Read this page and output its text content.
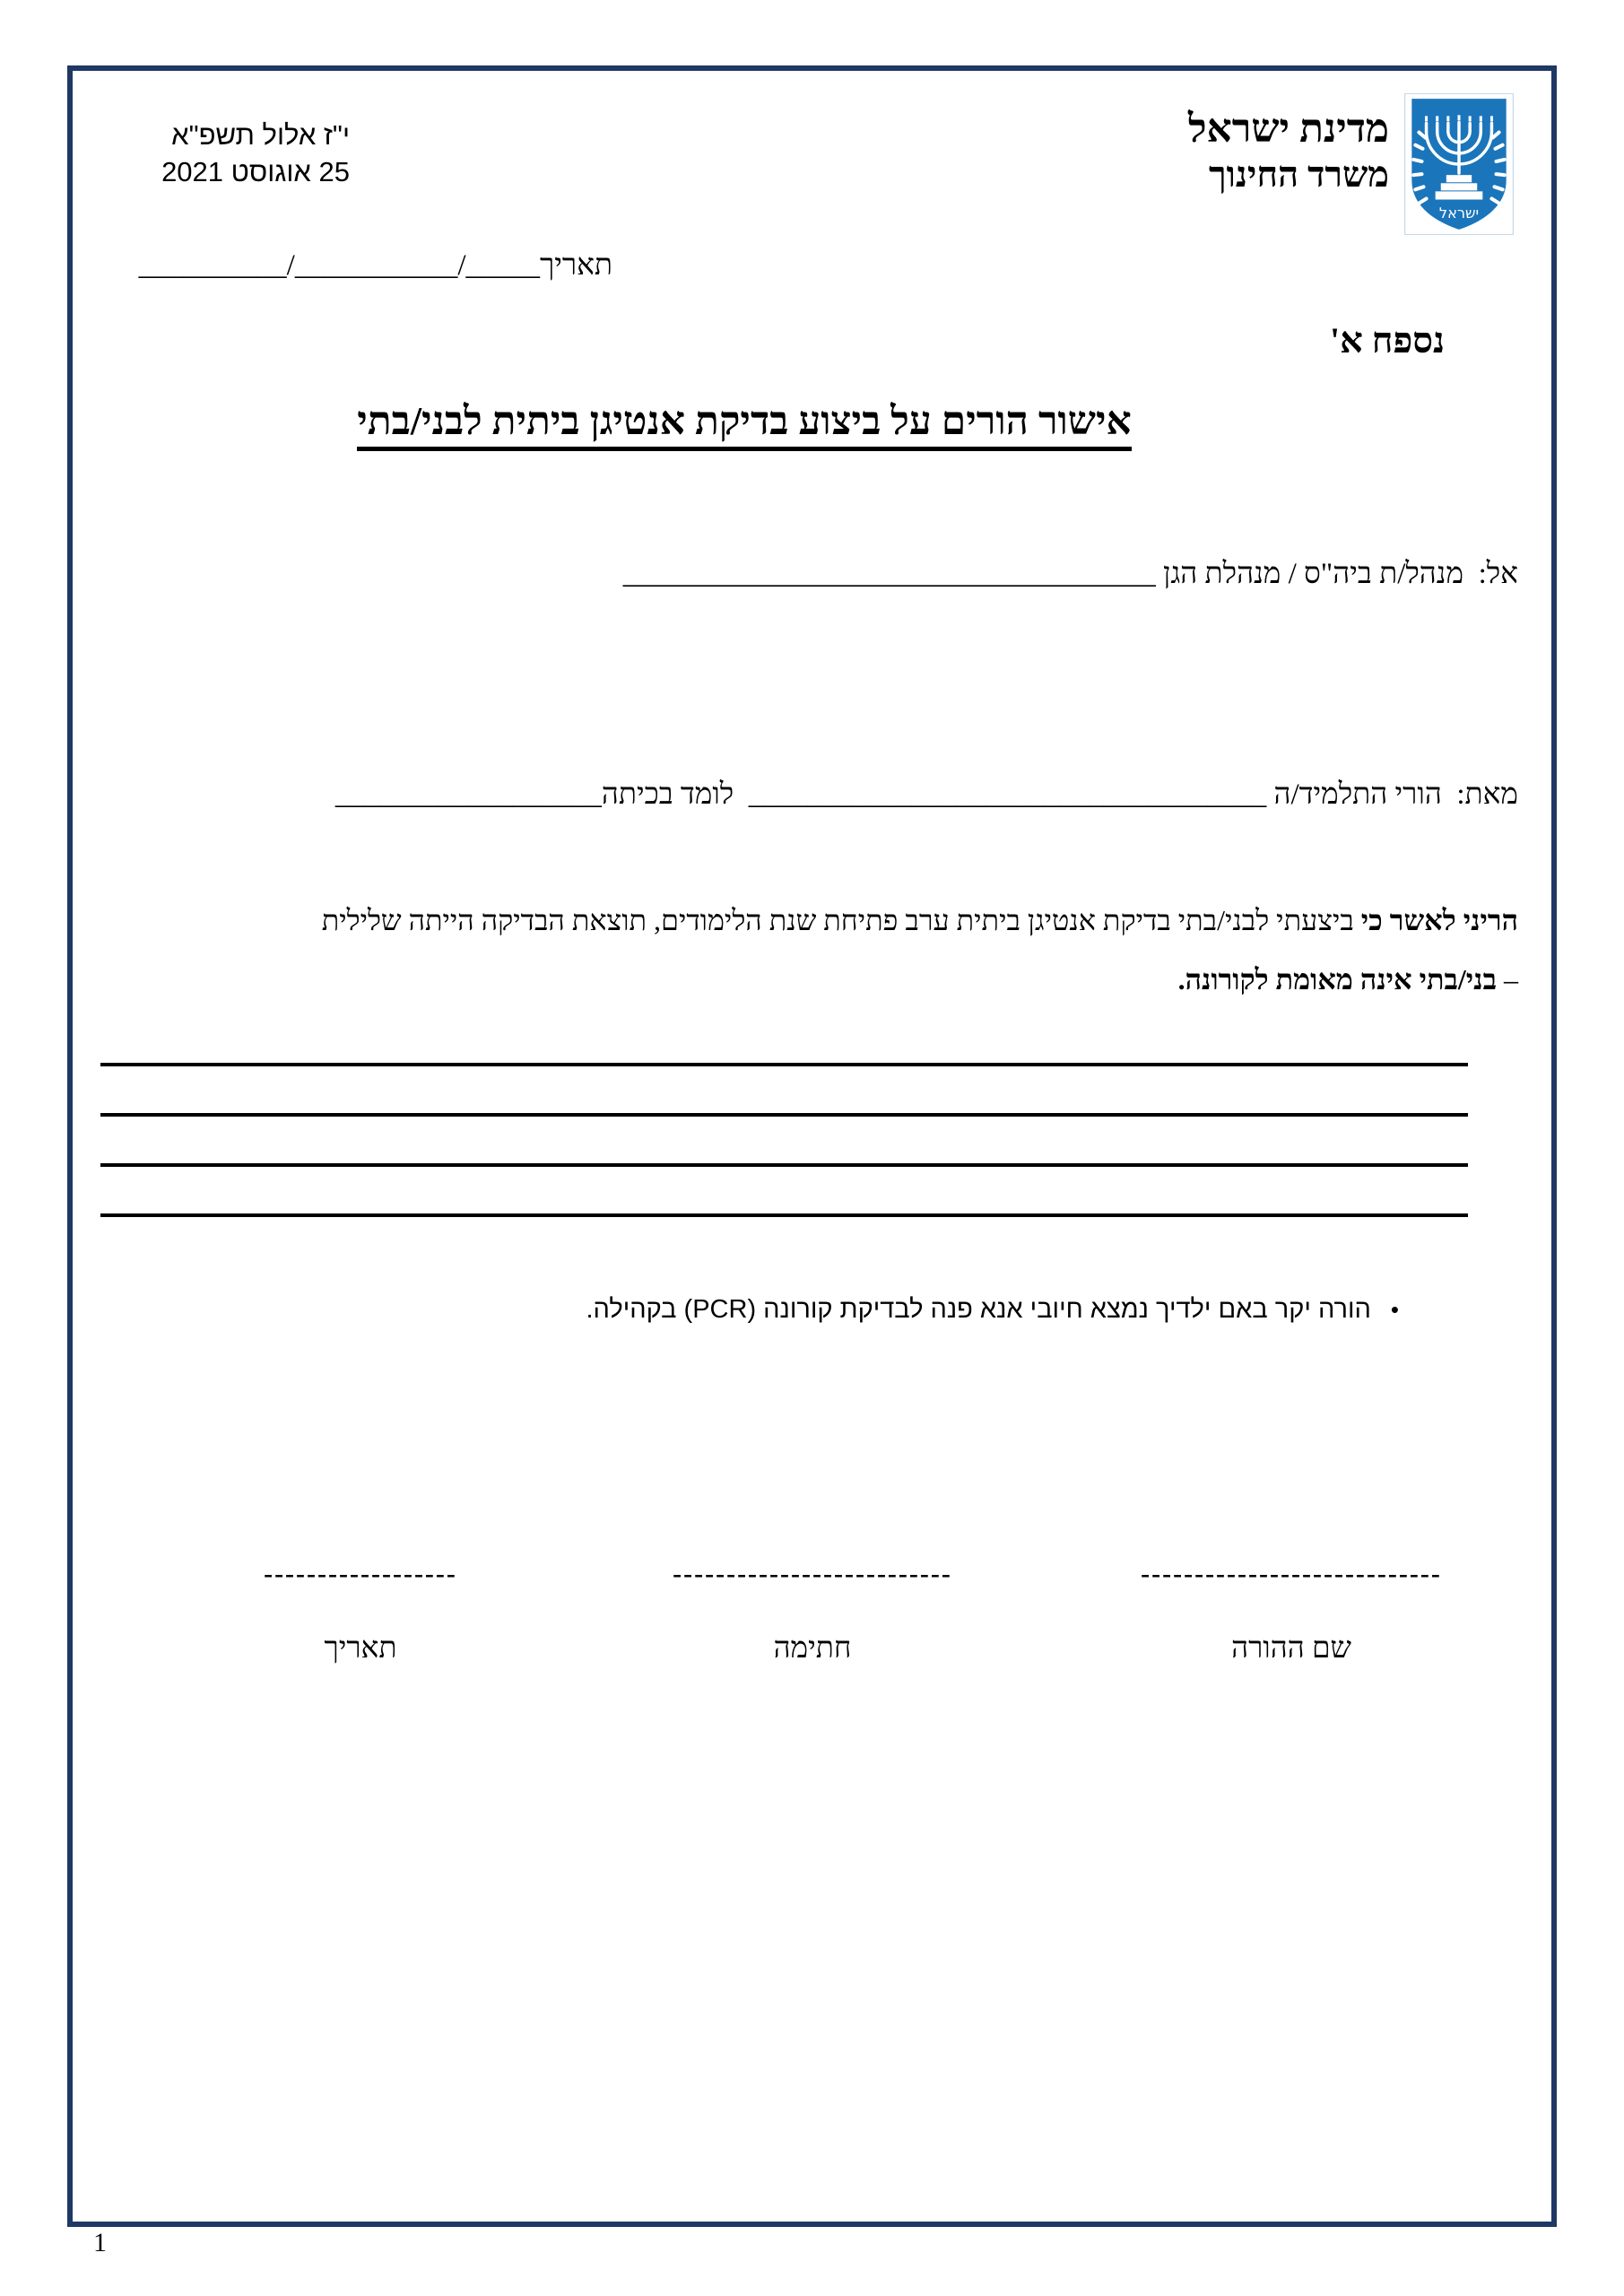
ישראל
מדינת ישראל
משרד החינוך
י"ז אלול תשפ"א
25 אוגוסט 2021
תאריך_____/___________/__________
נספח א'
אישור הורים על ביצוע בדיקת אנטיגן ביתית לבני/בתי
אל:  מנהל/ת ביה"ס / מנהלת הגן ____________________________________
מאת:  הורי התלמיד/ה ___________________________________  לומד בכיתה__________________
הריני לאשר כי ביצעתי לבני/בתי בדיקת אנטיגן ביתית ערב פתיחת שנת הלימודים, תוצאת הבדיקה הייתה שלילית
– בני/בתי אינה מאומת לקורונה.
•הורה יקר באם ילדיך נמצא חיובי אנא פנה לבדיקת קורונה (PCR) בקהילה.
----------------------------
שם ההורה
--------------------------
חתימה
------------------
תאריך
1
